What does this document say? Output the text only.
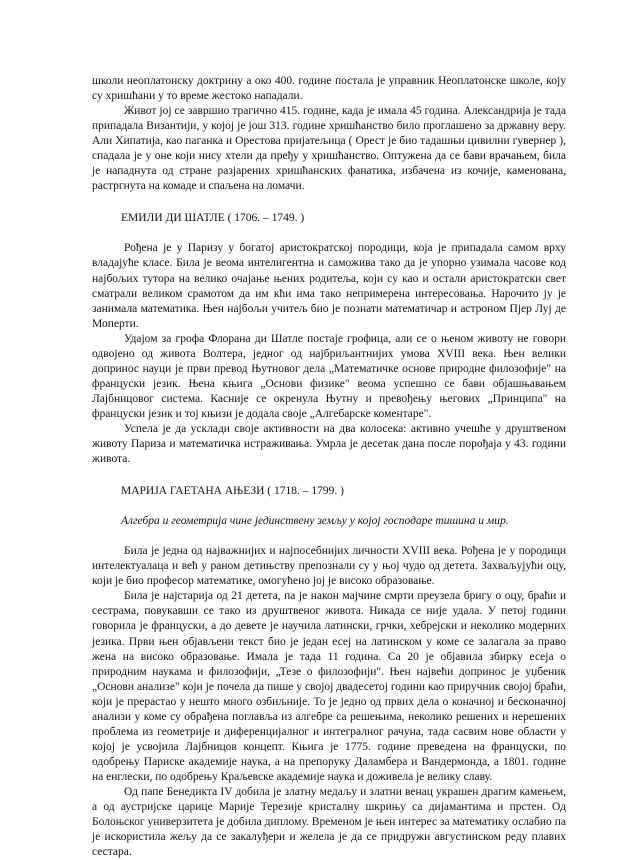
школи неоплатонску доктрину а око 400. године постала је управник Неоплатонске школе, коју су хришћани у то време жестоко нападали.

Живот јој се завршио трагично 415. године, када је имала 45 година. Александрија је тада припадала Византији, у којој је још 313. године хришћанство било проглашено за државну веру. Али Хипатија, као паганка и Орестова пријатељица ( Орест је био тадашњи цивилни гувернер ), спадала је у оне који нису хтели да пређу у хришћанство. Оптужена да се бави врачањем, била је нападнута од стране разјарених хришћанских фанатика, избачена из кочије, каменована, растргнута на комаде и спаљена на ломачи.

ЕМИЛИ ДИ ШАТЛЕ ( 1706. – 1749. )

Рођена је у Паризу у богатој аристократској породици, која је припадала самом врху владајуће класе. Била је веома интелигентна и саможивa тако да је упорно узимала часове код најбољих тутора на велико очајање њених родитеља, који су као и остали аристократски свет сматрали великом срамотом да им кћи има тако непримерена интересовања. Нарочито ју је занимала математика. Њен најбољи учитељ био је познати математичар и астроном Пјер Луј де Моперти.

Удајом за грофа Флорана ди Шатле постаје грофица, али се о њеном животу не говори одвојено од живота Волтера, једног од најбриљантнијих умова XVIII века. Њен велики допринос науци је први превод Њутновог дела „Математичке основе природне филозофије" на француски језик. Њена књига „Основи физике" веома успешно се бави објашњавањем Лајбницовог система. Касније се окренула Њутну и превођењу његових „Принципа" на француски језик и тој књизи је додала своје „Алгебарске коментаре".

Успела је да усклади своје активности на два колосека: активно учешће у друштвеном животу Париза и математичка истраживања. Умрла је десетак дана после порођаја у 43. години живота.

МАРИЈА ГАЕТАНА АЊЕЗИ ( 1718. – 1799. )

Алгебра и геометрија чине јединствену земљу у којој господаре тишина и мир.

Била је једна од најважнијих и најпосебнијих личности XVIII века. Рођена је у породици интелектуалаца и већ у раном детињству препознали су у њој чудо од детета. Захваљујући оцу, који је био професор математике, омогућено јој је високо образовање.

Била је најстарија од 21 детета, па је након мајчине смрти преузела бригу о оцу, браћи и сестрама, повукавши се тако из друштвеног живота. Никада се није удала. У петој години говорила је француски, а до девете је научила латински, грчки, хебрејски и неколико модерних језика. Први њен објављени текст био је један есеј на латинском у коме се залагала за право жена на високо образовање. Имала је тада 11 година. Са 20 је објавила збирку есеја о природним наукама и филозофији, „Тезе о филозофији". Њен највећи допринос је уџбеник „Основи анализе" који је почела да пише у својој двадесетој години као приручник својој браћи, који је прерастао у нешто много озбиљније. То је једно од првих дела о коначној и бесконачној анализи у коме су обрађена поглавља из алгебре са решењима, неколико решених и нерешених проблема из геометрије и диференцијалног и интегралног рачуна, тада сасвим нове области у којој је усвојила Лајбницов концепт. Књига је 1775. године преведена на француски, по одобрењу Париске академије наука, а на препоруку Даламбера и Вандермонда, а 1801. године на енглески, по одобрењу Краљевске академије наука и доживела је велику славу.

Од папе Бенедикта IV добила је златну медаљу и златни венац украшен драгим камењем, а од аустријске царице Марије Терезије кристалну шкрињу са дијамантима и прстен. Од Болоњског универзитета је добила диплому. Временом је њен интерес за математику ослабио па је искористила жељу да се закалуђери и желела је да се придружи августинском реду плавих сестара.
